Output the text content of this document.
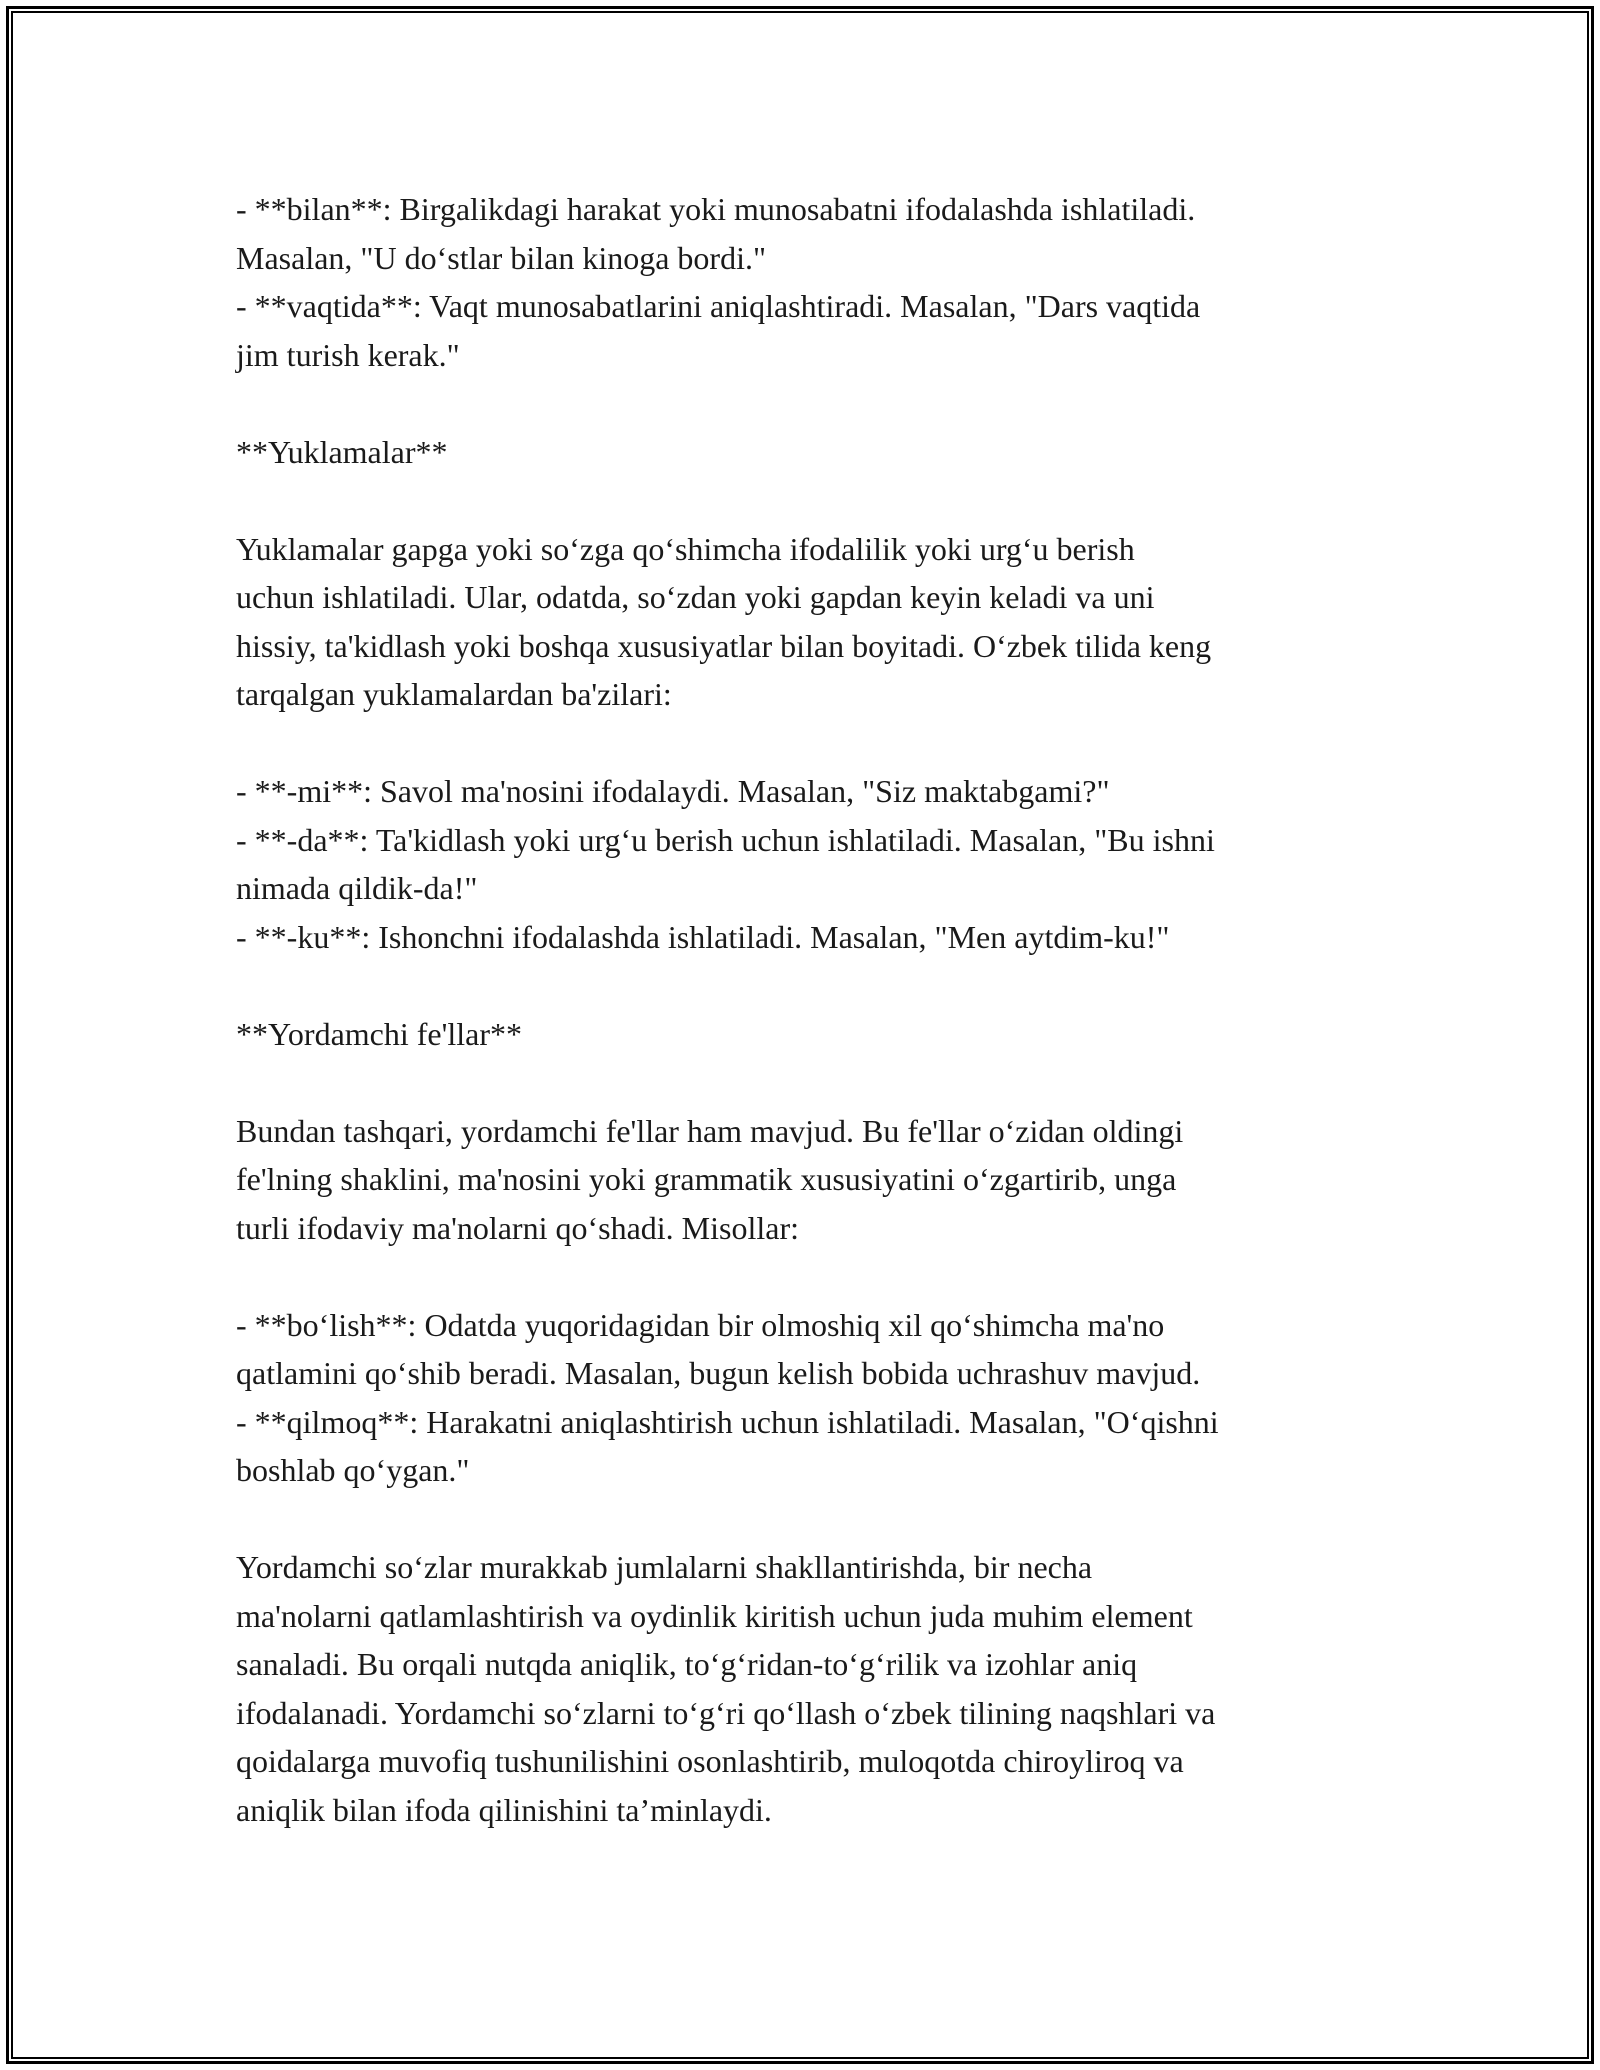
- **bilan**: Birgalikdagi harakat yoki munosabatni ifodalashda ishlatiladi.
Masalan, "U do‘stlar bilan kinoga bordi."
- **vaqtida**: Vaqt munosabatlarini aniqlashtiradi. Masalan, "Dars vaqtida
jim turish kerak."
**Yuklamalar**
Yuklamalar gapga yoki so‘zga qo‘shimcha ifodalilik yoki urg‘u berish
uchun ishlatiladi. Ular, odatda, so‘zdan yoki gapdan keyin keladi va uni
hissiy, ta'kidlash yoki boshqa xususiyatlar bilan boyitadi. O‘zbek tilida keng
tarqalgan yuklamalardan ba'zilari:
- **-mi**: Savol ma'nosini ifodalaydi. Masalan, "Siz maktabgami?"
- **-da**: Ta'kidlash yoki urg‘u berish uchun ishlatiladi. Masalan, "Bu ishni
nimada qildik-da!"
- **-ku**: Ishonchni ifodalashda ishlatiladi. Masalan, "Men aytdim-ku!"
**Yordamchi fe'llar**
Bundan tashqari, yordamchi fe'llar ham mavjud. Bu fe'llar o‘zidan oldingi
fe'lning shaklini, ma'nosini yoki grammatik xususiyatini o‘zgartirib, unga
turli ifodaviy ma'nolarni qo‘shadi. Misollar:
- **bo‘lish**: Odatda yuqoridagidan bir olmoshiq xil qo‘shimcha ma'no
qatlamini qo‘shib beradi. Masalan, bugun kelish bobida uchrashuv mavjud.
- **qilmoq**: Harakatni aniqlashtirish uchun ishlatiladi. Masalan, "O‘qishni
boshlab qo‘ygan."
Yordamchi so‘zlar murakkab jumlalarni shakllantirishda, bir necha
ma'nolarni qatlamlashtirish va oydinlik kiritish uchun juda muhim element
sanaladi. Bu orqali nutqda aniqlik, to‘g‘ridan-to‘g‘rilik va izohlar aniq
ifodalanadi. Yordamchi so‘zlarni to‘g‘ri qo‘llash o‘zbek tilining naqshlari va
qoidalarga muvofiq tushunilishini osonlashtirib, muloqotda chiroyliroq va
aniqlik bilan ifoda qilinishini ta’minlaydi.
